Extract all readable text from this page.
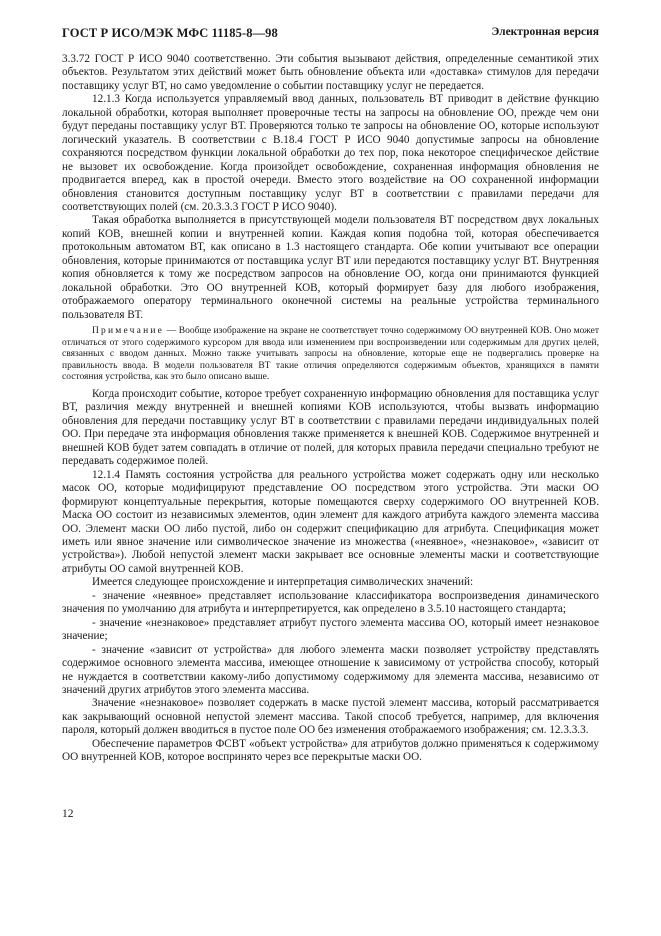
ГОСТ Р ИСО/МЭК МФС 11185-8—98	Электронная версия

3.3.72 ГОСТ Р ИСО 9040 соответственно. Эти события вызывают действия, определенные семантикой этих объектов. Результатом этих действий может быть обновление объекта или «доставка» стимулов для передачи поставщику услуг ВТ, но само уведомление о событии поставщику услуг не передается.

12.1.3 Когда используется управляемый ввод данных, пользователь ВТ приводит в действие функцию локальной обработки, которая выполняет проверочные тесты на запросы на обновление ОО, прежде чем они будут переданы поставщику услуг ВТ. Проверяются только те запросы на обновление ОО, которые используют логический указатель. В соответствии с В.18.4 ГОСТ Р ИСО 9040 допустимые запросы на обновление сохраняются посредством функции локальной обработки до тех пор, пока некоторое специфическое действие не вызовет их освобождение. Когда произойдет освобождение, сохраненная информация обновления не продвигается вперед, как в простой очереди. Вместо этого воздействие на ОО сохраненной информации обновления становится доступным поставщику услуг ВТ в соответствии с правилами передачи для соответствующих полей (см. 20.3.3.3 ГОСТ Р ИСО 9040).

Такая обработка выполняется в присутствующей модели пользователя ВТ посредством двух локальных копий КОВ, внешней копии и внутренней копии. Каждая копия подобна той, которая обеспечивается протокольным автоматом ВТ, как описано в 1.3 настоящего стандарта. Обе копии учитывают все операции обновления, которые принимаются от поставщика услуг ВТ или передаются поставщику услуг ВТ. Внутренняя копия обновляется к тому же посредством запросов на обновление ОО, когда они принимаются функцией локальной обработки. Это ОО внутренней КОВ, который формирует базу для любого изображения, отображаемого оператору терминального оконечной системы на реальные устройства терминального пользователя ВТ.

Примечание — Вообще изображение на экране не соответствует точно содержимому ОО внутренней КОВ. Оно может отличаться от этого содержимого курсором для ввода или изменением при воспроизведении или содержимым для других целей, связанных с вводом данных. Можно также учитывать запросы на обновление, которые еще не подвергались проверке на правильность ввода. В модели пользователя ВТ такие отличия определяются содержимым объектов, хранящихся в памяти состояния устройства, как это было описано выше.

Когда происходит событие, которое требует сохраненную информацию обновления для поставщика услуг ВТ, различия между внутренней и внешней копиями КОВ используются, чтобы вызвать информацию обновления для передачи поставщику услуг ВТ в соответствии с правилами передачи индивидуальных полей ОО. При передаче эта информация обновления также применяется к внешней КОВ. Содержимое внутренней и внешней КОВ будет затем совпадать в отличие от полей, для которых правила передачи специально требуют не передавать содержимое полей.

12.1.4 Память состояния устройства для реального устройства может содержать одну или несколько масок ОО, которые модифицируют представление ОО посредством этого устройства. Эти маски ОО формируют концептуальные перекрытия, которые помещаются сверху содержимого ОО внутренней КОВ. Маска ОО состоит из независимых элементов, один элемент для каждого атрибута каждого элемента массива ОО. Элемент маски ОО либо пустой, либо он содержит спецификацию для атрибута. Спецификация может иметь или явное значение или символическое значение из множества («неявное», «незнаковое», «зависит от устройства»). Любой непустой элемент маски закрывает все основные элементы маски и соответствующие атрибуты ОО самой внутренней КОВ.

Имеется следующее происхождение и интерпретация символических значений:

- значение «неявное» представляет использование классификатора воспроизведения динамического значения по умолчанию для атрибута и интерпретируется, как определено в 3.5.10 настоящего стандарта;

- значение «незнаковое» представляет атрибут пустого элемента массива ОО, который имеет незнаковое значение;

- значение «зависит от устройства» для любого элемента маски позволяет устройству представлять содержимое основного элемента массива, имеющее отношение к зависимому от устройства способу, который не нуждается в соответствии какому-либо допустимому содержимому для элемента массива, независимо от значений других атрибутов этого элемента массива.

Значение «незнаковое» позволяет содержать в маске пустой элемент массива, который рассматривается как закрывающий основной непустой элемент массива. Такой способ требуется, например, для включения пароля, который должен вводиться в пустое поле ОО без изменения отображаемого изображения; см. 12.3.3.3.

Обеспечение параметров ФСВТ «объект устройства» для атрибутов должно применяться к содержимому ОО внутренней КОВ, которое воспринято через все перекрытые маски ОО.

12
